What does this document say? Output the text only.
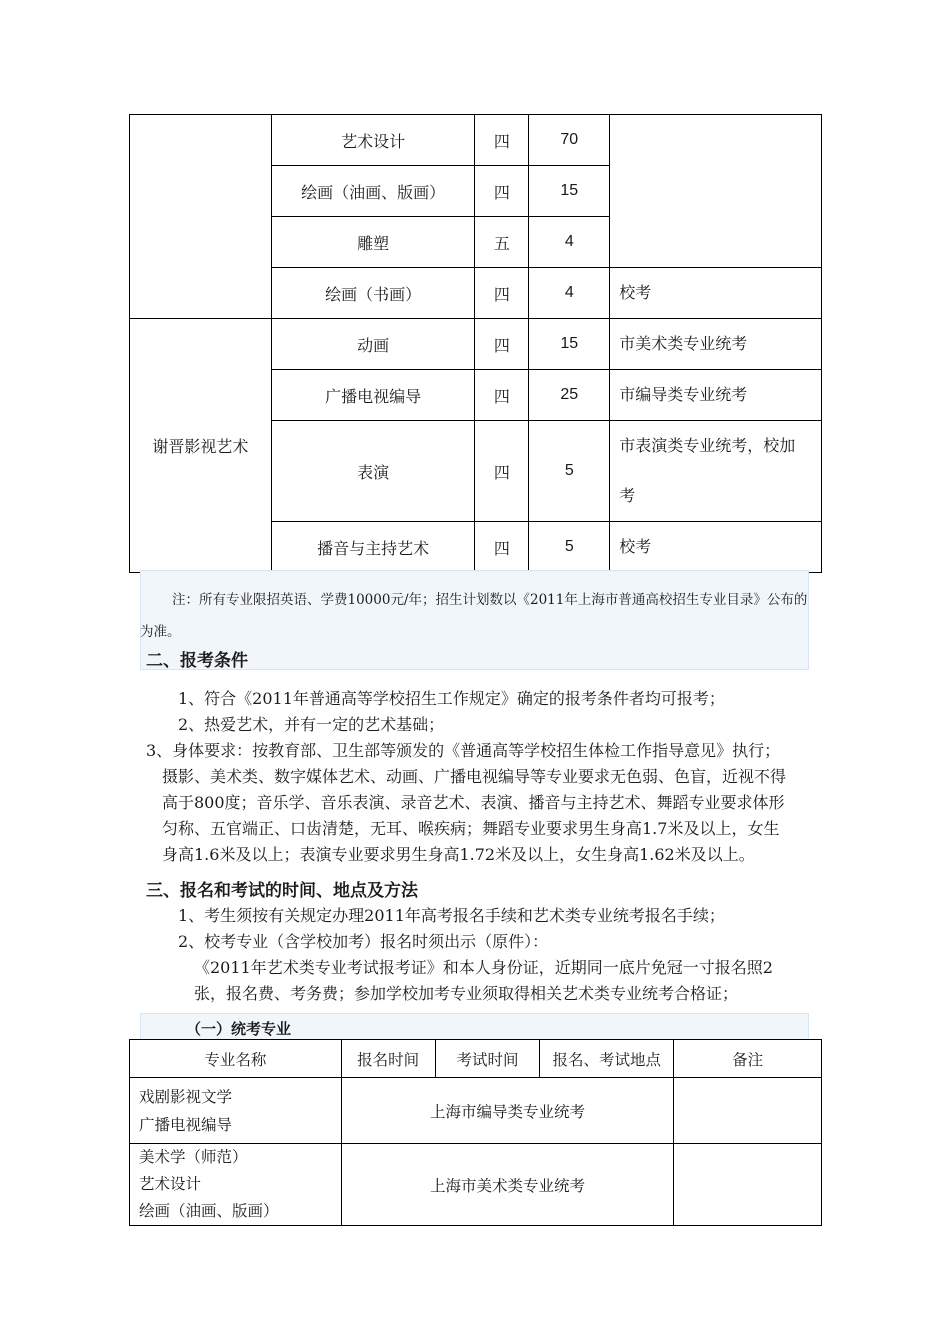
	艺术设计	四	70	
	绘画（油画、版画）	四	15	
	雕塑	五	4	
	绘画（书画）	四	4	校考
谢晋影视艺术	动画	四	15	市美术类专业统考
	广播电视编导	四	25	市编导类专业统考
	表演	四	5	市表演类专业统考，校加
考

	播音与主持艺术	四	5	校考
注：所有专业限招英语、学费10000元/年；招生计划数以《2011年上海市普通高校招生专业目录》公布的为准。
二、报考条件
1、符合《2011年普通高等学校招生工作规定》确定的报考条件者均可报考；
2、热爱艺术，并有一定的艺术基础；
3、身体要求：按教育部、卫生部等颁发的《普通高等学校招生体检工作指导意见》执行；
摄影、美术类、数字媒体艺术、动画、广播电视编导等专业要求无色弱、色盲，近视不得
高于800度；音乐学、音乐表演、录音艺术、表演、播音与主持艺术、舞蹈专业要求体形
匀称、五官端正、口齿清楚，无耳、喉疾病；舞蹈专业要求男生身高1.7米及以上，女生
身高1.6米及以上；表演专业要求男生身高1.72米及以上，女生身高1.62米及以上。
三、报名和考试的时间、地点及方法
1、考生须按有关规定办理2011年高考报名手续和艺术类专业统考报名手续；
2、校考专业（含学校加考）报名时须出示（原件）：
《2011年艺术类专业考试报考证》和本人身份证，近期同一底片免冠一寸报名照2
张，报名费、考务费；参加学校加考专业须取得相关艺术类专业统考合格证；
（一）统考专业
专业名称	报名时间	考试时间	报名、考试地点	备注

戏剧影视文学
广播电视编导	上海市编导类专业统考			

美术学（师范）
艺术设计
绘画（油画、版画）	上海市美术类专业统考			
